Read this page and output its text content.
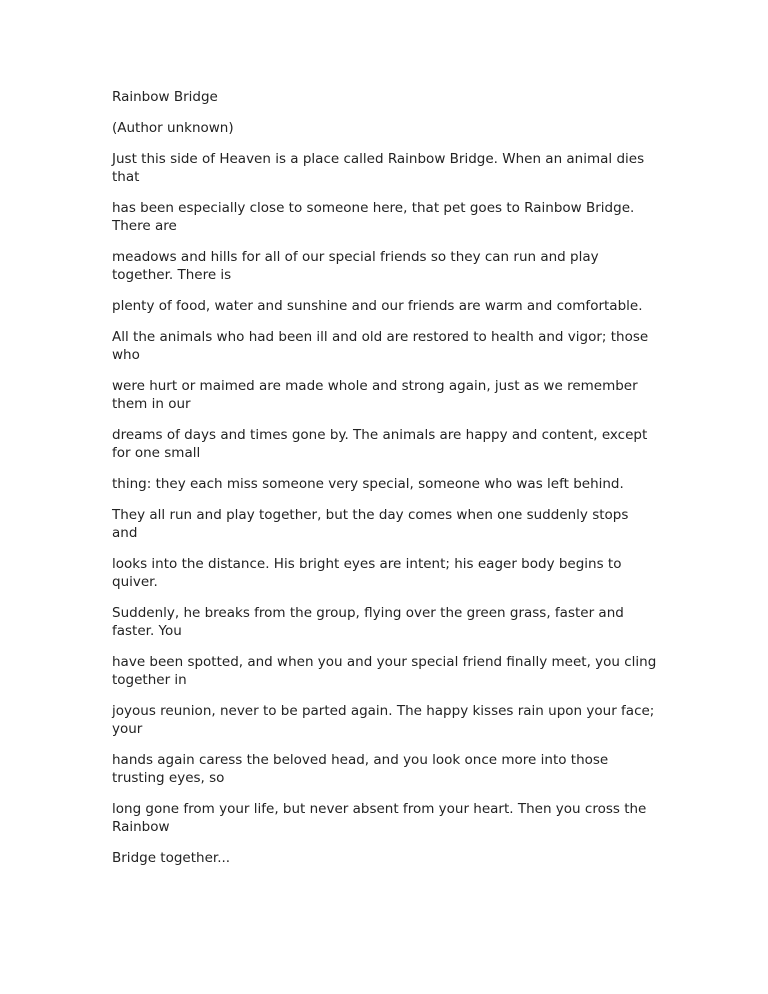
Rainbow Bridge

(Author unknown)

Just this side of Heaven is a place called Rainbow Bridge. When an animal dies that

has been especially close to someone here, that pet goes to Rainbow Bridge. There are

meadows and hills for all of our special friends so they can run and play together. There is

plenty of food, water and sunshine and our friends are warm and comfortable.

All the animals who had been ill and old are restored to health and vigor; those who

were hurt or maimed are made whole and strong again, just as we remember them in our

dreams of days and times gone by. The animals are happy and content, except for one small

thing: they each miss someone very special, someone who was left behind.

They all run and play together, but the day comes when one suddenly stops and

looks into the distance. His bright eyes are intent; his eager body begins to quiver.

Suddenly, he breaks from the group, flying over the green grass, faster and faster. You

have been spotted, and when you and your special friend finally meet, you cling together in

joyous reunion, never to be parted again. The happy kisses rain upon your face; your

hands again caress the beloved head, and you look once more into those trusting eyes, so

long gone from your life, but never absent from your heart. Then you cross the Rainbow

Bridge together...
